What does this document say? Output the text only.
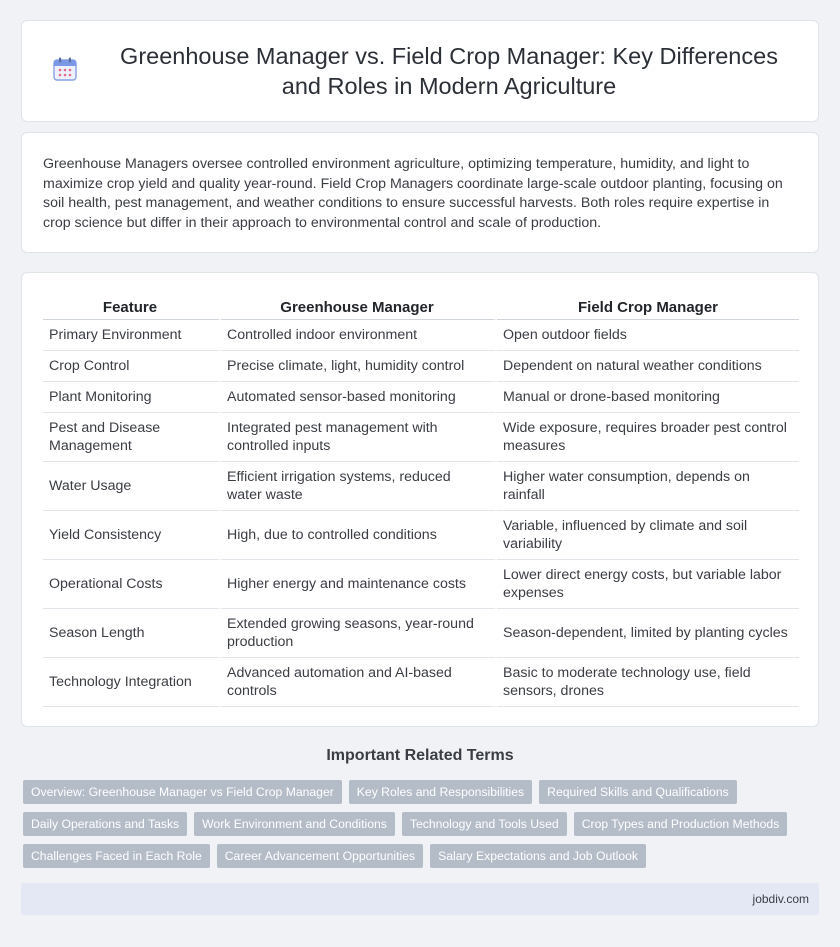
Greenhouse Manager vs. Field Crop Manager: Key Differences and Roles in Modern Agriculture

Greenhouse Managers oversee controlled environment agriculture, optimizing temperature, humidity, and light to maximize crop yield and quality year-round. Field Crop Managers coordinate large-scale outdoor planting, focusing on soil health, pest management, and weather conditions to ensure successful harvests. Both roles require expertise in crop science but differ in their approach to environmental control and scale of production.

Feature	Greenhouse Manager	Field Crop Manager
Primary Environment	Controlled indoor environment	Open outdoor fields
Crop Control	Precise climate, light, humidity control	Dependent on natural weather conditions
Plant Monitoring	Automated sensor-based monitoring	Manual or drone-based monitoring
Pest and Disease Management	Integrated pest management with controlled inputs	Wide exposure, requires broader pest control measures
Water Usage	Efficient irrigation systems, reduced water waste	Higher water consumption, depends on rainfall
Yield Consistency	High, due to controlled conditions	Variable, influenced by climate and soil variability
Operational Costs	Higher energy and maintenance costs	Lower direct energy costs, but variable labor expenses
Season Length	Extended growing seasons, year-round production	Season-dependent, limited by planting cycles
Technology Integration	Advanced automation and AI-based controls	Basic to moderate technology use, field sensors, drones
Important Related Terms
Overview: Greenhouse Manager vs Field Crop Manager	Key Roles and Responsibilities	Required Skills and Qualifications
Daily Operations and Tasks	Work Environment and Conditions	Technology and Tools Used	Crop Types and Production Methods
Challenges Faced in Each Role	Career Advancement Opportunities	Salary Expectations and Job Outlook
jobdiv.com
